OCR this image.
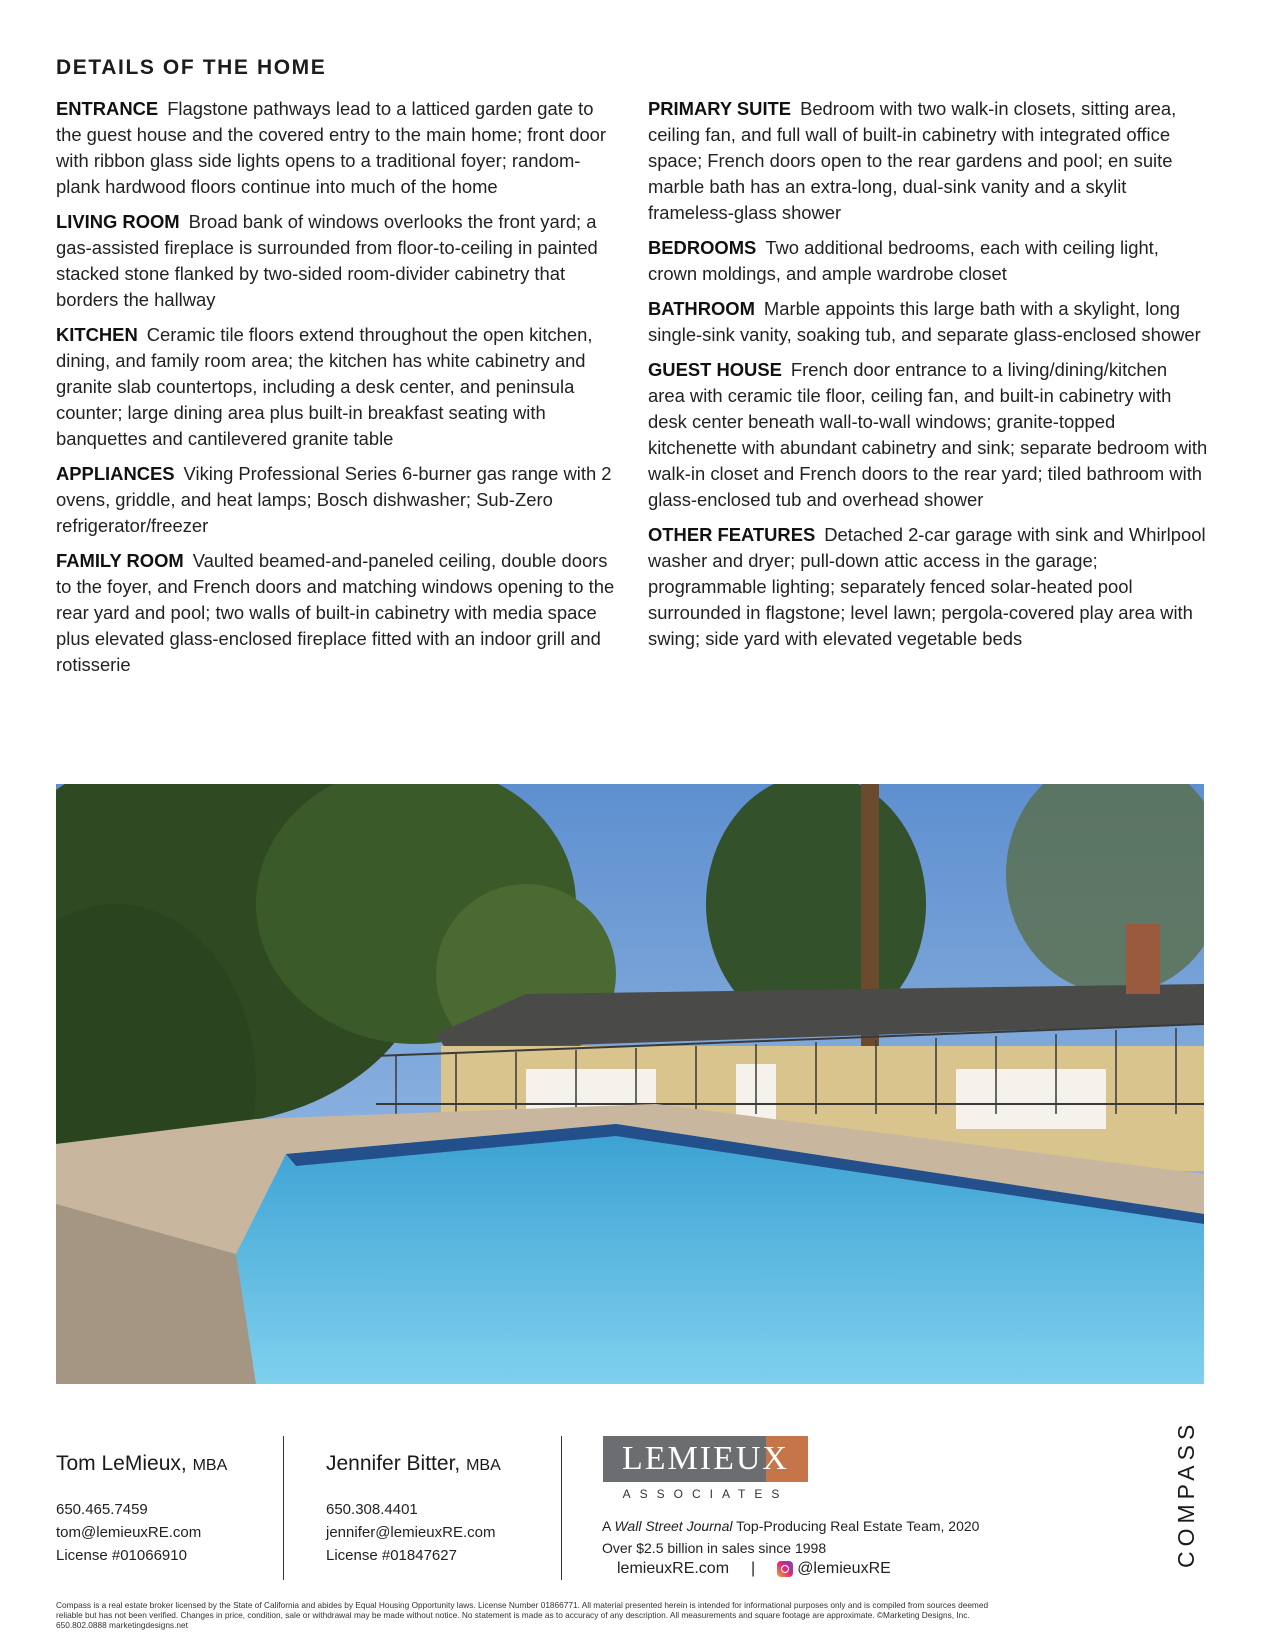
DETAILS OF THE HOME
ENTRANCE Flagstone pathways lead to a latticed garden gate to the guest house and the covered entry to the main home; front door with ribbon glass side lights opens to a traditional foyer; random-plank hardwood floors continue into much of the home
LIVING ROOM Broad bank of windows overlooks the front yard; a gas-assisted fireplace is surrounded from floor-to-ceiling in painted stacked stone flanked by two-sided room-divider cabinetry that borders the hallway
KITCHEN Ceramic tile floors extend throughout the open kitchen, dining, and family room area; the kitchen has white cabinetry and granite slab countertops, including a desk center, and peninsula counter; large dining area plus built-in breakfast seating with banquettes and cantilevered granite table
APPLIANCES Viking Professional Series 6-burner gas range with 2 ovens, griddle, and heat lamps; Bosch dishwasher; Sub-Zero refrigerator/freezer
FAMILY ROOM Vaulted beamed-and-paneled ceiling, double doors to the foyer, and French doors and matching windows opening to the rear yard and pool; two walls of built-in cabinetry with media space plus elevated glass-enclosed fireplace fitted with an indoor grill and rotisserie
PRIMARY SUITE Bedroom with two walk-in closets, sitting area, ceiling fan, and full wall of built-in cabinetry with integrated office space; French doors open to the rear gardens and pool; en suite marble bath has an extra-long, dual-sink vanity and a skylit frameless-glass shower
BEDROOMS Two additional bedrooms, each with ceiling light, crown moldings, and ample wardrobe closet
BATHROOM Marble appoints this large bath with a skylight, long single-sink vanity, soaking tub, and separate glass-enclosed shower
GUEST HOUSE French door entrance to a living/dining/kitchen area with ceramic tile floor, ceiling fan, and built-in cabinetry with desk center beneath wall-to-wall windows; granite-topped kitchenette with abundant cabinetry and sink; separate bedroom with walk-in closet and French doors to the rear yard; tiled bathroom with glass-enclosed tub and overhead shower
OTHER FEATURES Detached 2-car garage with sink and Whirlpool washer and dryer; pull-down attic access in the garage; programmable lighting; separately fenced solar-heated pool surrounded in flagstone; level lawn; pergola-covered play area with swing; side yard with elevated vegetable beds
Tom LeMieux, MBA
650.465.7459
tom@lemieuxRE.com
License #01066910
Jennifer Bitter, MBA
650.308.4401
jennifer@lemieuxRE.com
License #01847627
LEMIEUX
ASSOCIATES
A Wall Street Journal Top-Producing Real Estate Team, 2020
Over $2.5 billion in sales since 1998
lemieuxRE.com |	@lemieuxRE
COMPASS
Compass is a real estate broker licensed by the State of California and abides by Equal Housing Opportunity laws. License Number 01866771. All material presented herein is intended for informational purposes only and is compiled from sources deemed
reliable but has not been verified. Changes in price, condition, sale or withdrawal may be made without notice. No statement is made as to accuracy of any description. All measurements and square footage are approximate. ©Marketing Designs, Inc.
650.802.0888 marketingdesigns.net
